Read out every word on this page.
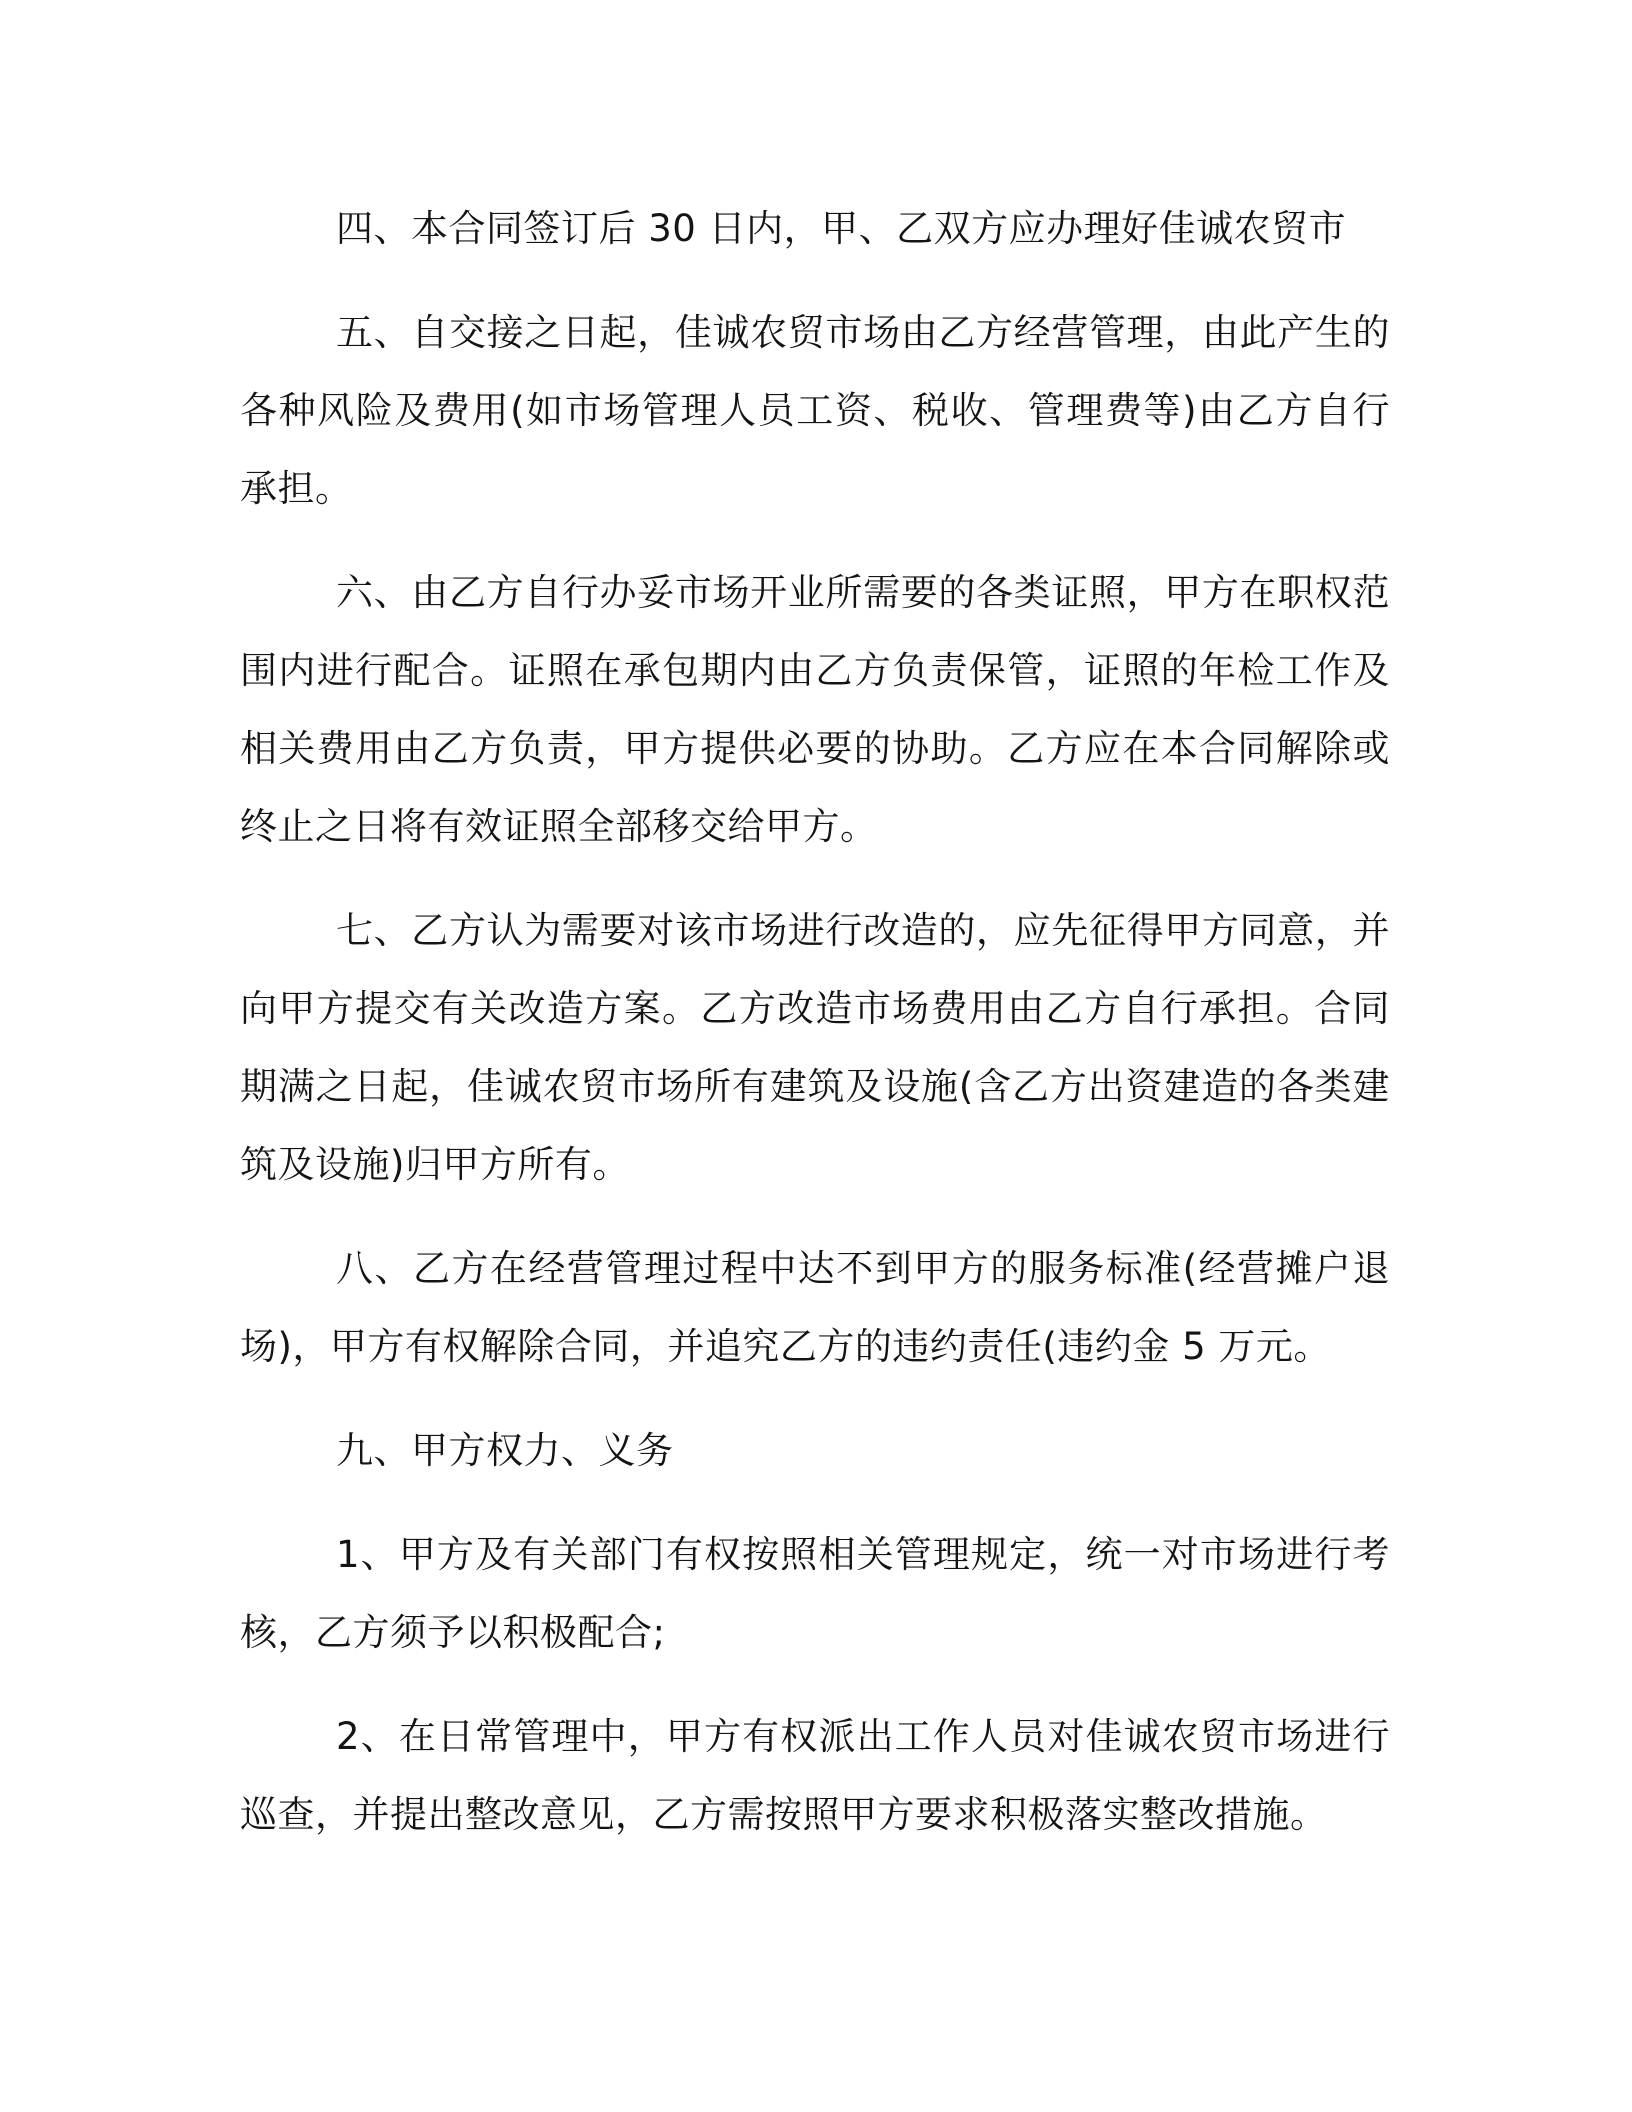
四、本合同签订后 30 日内，甲、乙双方应办理好佳诚农贸市

五、自交接之日起，佳诚农贸市场由乙方经营管理，由此产生的各种风险及费用(如市场管理人员工资、税收、管理费等)由乙方自行承担。

六、由乙方自行办妥市场开业所需要的各类证照，甲方在职权范围内进行配合。证照在承包期内由乙方负责保管，证照的年检工作及相关费用由乙方负责，甲方提供必要的协助。乙方应在本合同解除或终止之日将有效证照全部移交给甲方。

七、乙方认为需要对该市场进行改造的，应先征得甲方同意，并向甲方提交有关改造方案。乙方改造市场费用由乙方自行承担。合同期满之日起，佳诚农贸市场所有建筑及设施(含乙方出资建造的各类建筑及设施)归甲方所有。

八、乙方在经营管理过程中达不到甲方的服务标准(经营摊户退场)，甲方有权解除合同，并追究乙方的违约责任(违约金 5 万元。

九、甲方权力、义务

1、甲方及有关部门有权按照相关管理规定，统一对市场进行考核，乙方须予以积极配合;

2、在日常管理中，甲方有权派出工作人员对佳诚农贸市场进行巡查，并提出整改意见，乙方需按照甲方要求积极落实整改措施。
